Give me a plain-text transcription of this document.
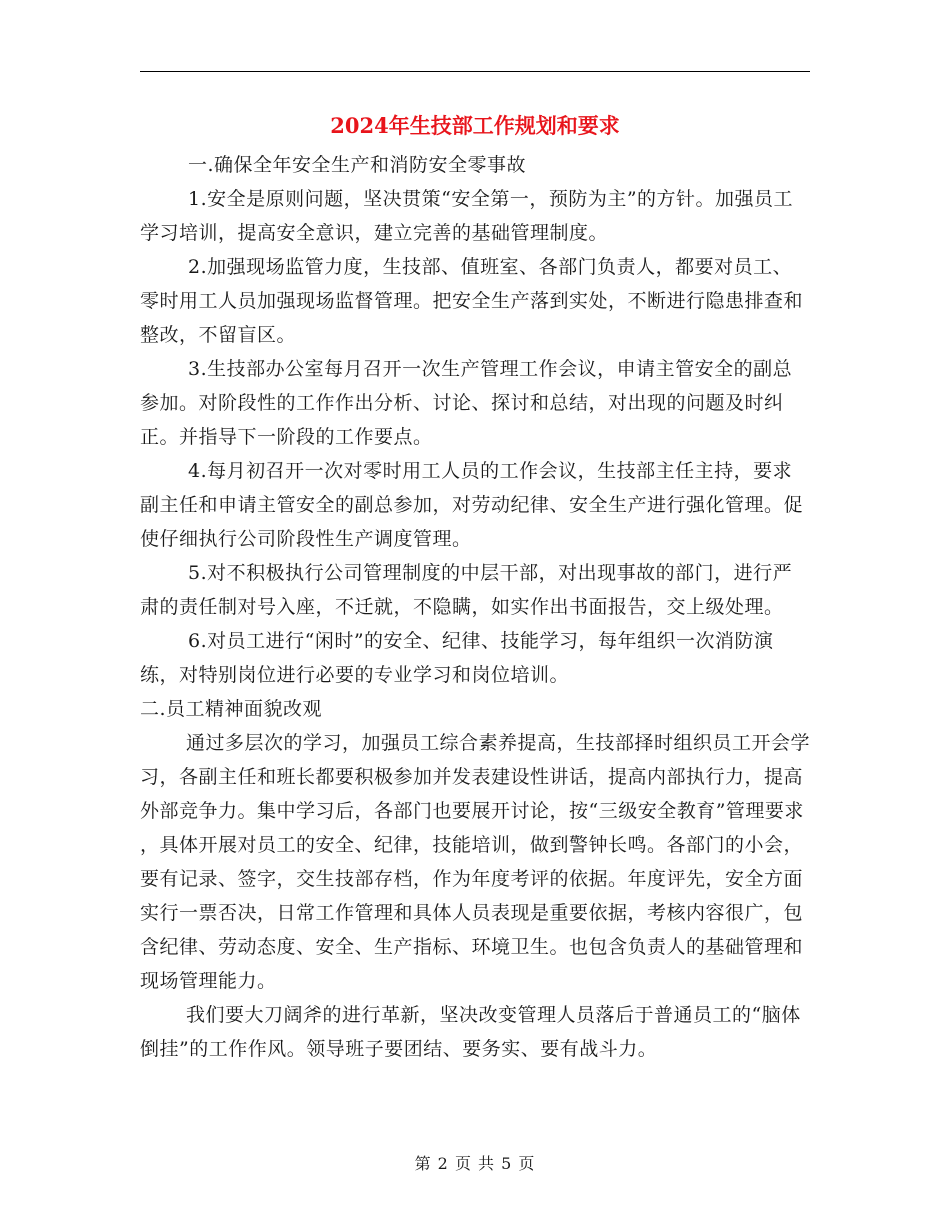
2024年生技部工作规划和要求

一.确保全年安全生产和消防安全零事故

1.安全是原则问题，坚决贯策“安全第一，预防为主”的方针。加强员工学习培训，提高安全意识，建立完善的基础管理制度。

2.加强现场监管力度，生技部、值班室、各部门负责人，都要对员工、零时用工人员加强现场监督管理。把安全生产落到实处，不断进行隐患排查和整改，不留盲区。

3.生技部办公室每月召开一次生产管理工作会议，申请主管安全的副总参加。对阶段性的工作作出分析、讨论、探讨和总结，对出现的问题及时纠正。并指导下一阶段的工作要点。

4.每月初召开一次对零时用工人员的工作会议，生技部主任主持，要求副主任和申请主管安全的副总参加，对劳动纪律、安全生产进行强化管理。促使仔细执行公司阶段性生产调度管理。

5.对不积极执行公司管理制度的中层干部，对出现事故的部门，进行严肃的责任制对号入座，不迁就，不隐瞒，如实作出书面报告，交上级处理。

6.对员工进行“闲时”的安全、纪律、技能学习，每年组织一次消防演练，对特别岗位进行必要的专业学习和岗位培训。

二.员工精神面貌改观

通过多层次的学习，加强员工综合素养提高，生技部择时组织员工开会学习，各副主任和班长都要积极参加并发表建设性讲话，提高内部执行力，提高外部竞争力。集中学习后，各部门也要展开讨论，按“三级安全教育”管理要求 ，具体开展对员工的安全、纪律，技能培训，做到警钟长鸣。各部门的小会，要有记录、签字，交生技部存档，作为年度考评的依据。年度评先，安全方面实行一票否决，日常工作管理和具体人员表现是重要依据，考核内容很广，包含纪律、劳动态度、安全、生产指标、环境卫生。也包含负责人的基础管理和现场管理能力。

我们要大刀阔斧的进行革新，坚决改变管理人员落后于普通员工的“脑体倒挂”的工作作风。领导班子要团结、要务实、要有战斗力。

第 2 页 共 5 页
